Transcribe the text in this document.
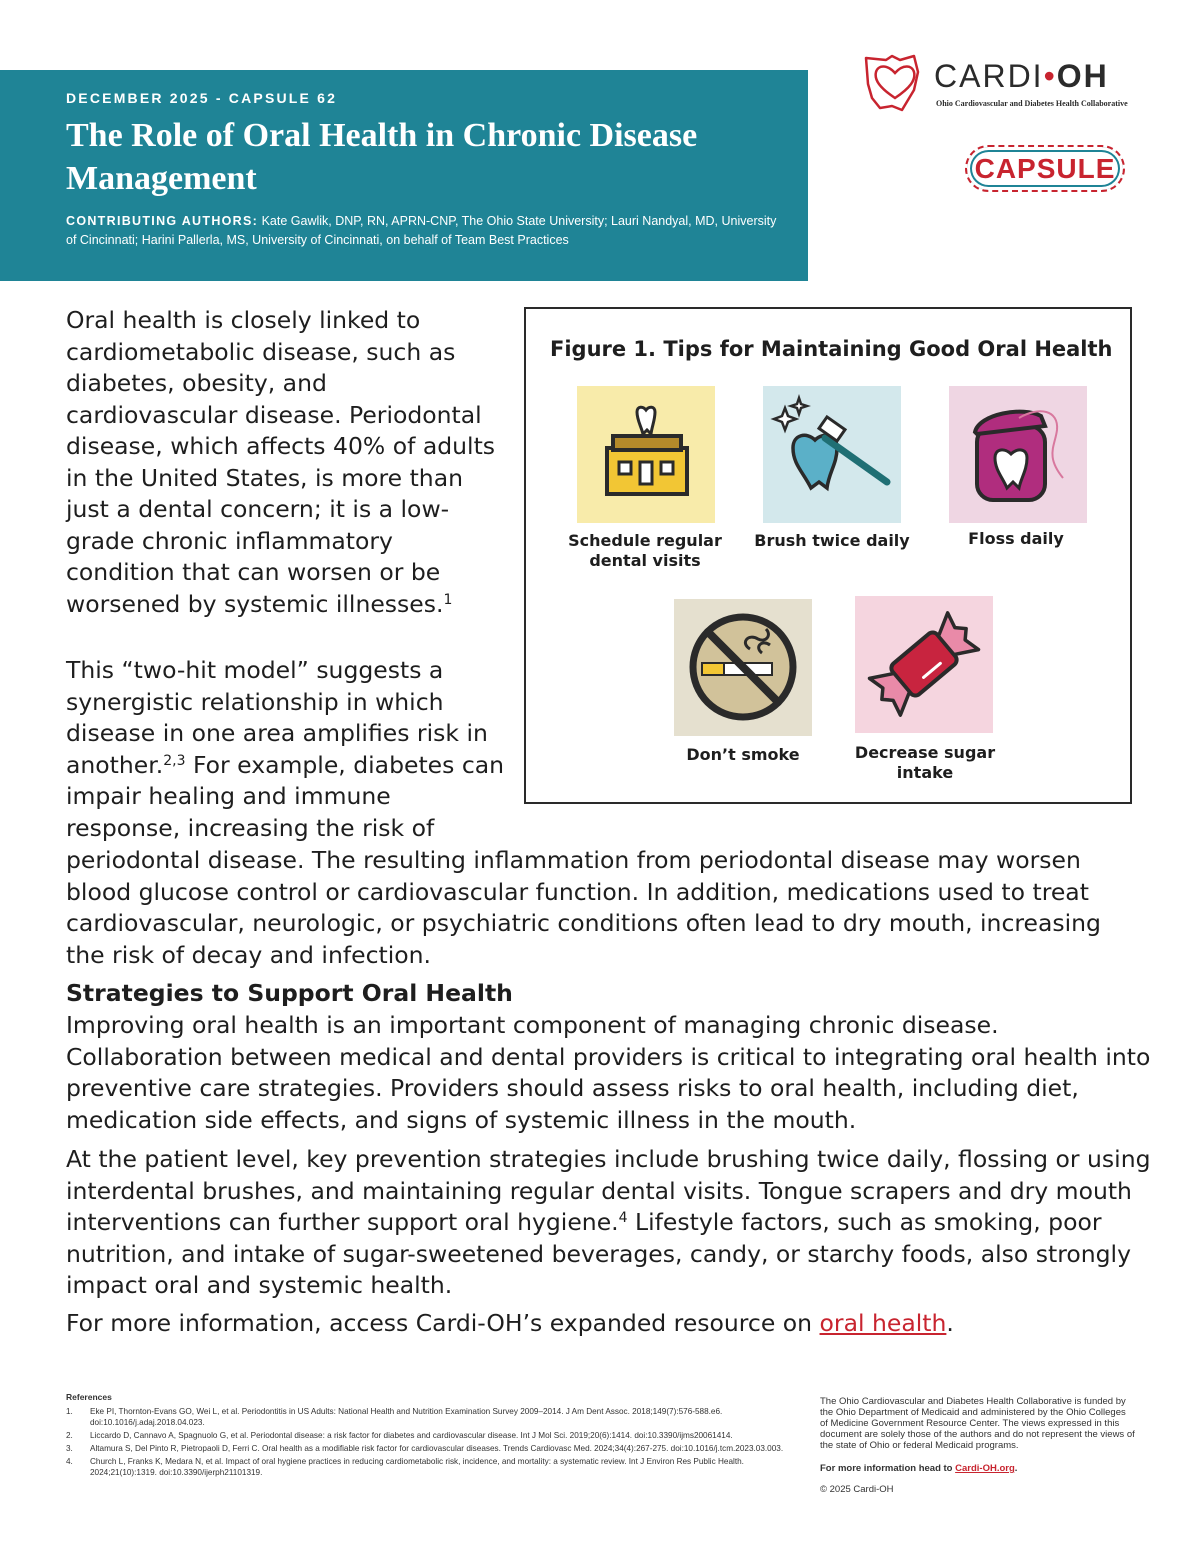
DECEMBER 2025 - CAPSULE 62
The Role of Oral Health in Chronic Disease Management
CONTRIBUTING AUTHORS: Kate Gawlik, DNP, RN, APRN-CNP, The Ohio State University; Lauri Nandyal, MD, University of Cincinnati; Harini Pallerla, MS, University of Cincinnati, on behalf of Team Best Practices
CARDI•OH
Ohio Cardiovascular and Diabetes Health Collaborative
CAPSULE

Oral health is closely linked to cardiometabolic disease, such as diabetes, obesity, and cardiovascular disease. Periodontal disease, which affects 40% of adults in the United States, is more than just a dental concern; it is a low-grade chronic inflammatory condition that can worsen or be worsened by systemic illnesses.$^1$

This “two-hit model” suggests a synergistic relationship in which disease in one area amplifies risk in another.$^{2,3}$ For example, diabetes can impair healing and immune response, increasing the risk of

periodontal disease. The resulting inflammation from periodontal disease may worsen blood glucose control or cardiovascular function. In addition, medications used to treat cardiovascular, neurologic, or psychiatric conditions often lead to dry mouth, increasing the risk of decay and infection.

Strategies to Support Oral Health

Improving oral health is an important component of managing chronic disease. Collaboration between medical and dental providers is critical to integrating oral health into preventive care strategies. Providers should assess risks to oral health, including diet, medication side effects, and signs of systemic illness in the mouth.

At the patient level, key prevention strategies include brushing twice daily, flossing or using interdental brushes, and maintaining regular dental visits. Tongue scrapers and dry mouth interventions can further support oral hygiene.$^4$ Lifestyle factors, such as smoking, poor nutrition, and intake of sugar-sweetened beverages, candy, or starchy foods, also strongly impact oral and systemic health.

For more information, access Cardi-OH’s expanded resource on oral health.

Figure 1. Tips for Maintaining Good Oral Health
Schedule regular dental visits
Brush twice daily	Floss daily
Don’t smoke	Decrease sugar intake
References
1. Eke PI, Thornton-Evans GO, Wei L, et al. Periodontitis in US Adults: National Health and Nutrition Examination Survey 2009–2014. J Am Dent Assoc. 2018;149(7):576-588.e6. doi:10.1016/j.adaj.2018.04.023.
2. Liccardo D, Cannavo A, Spagnuolo G, et al. Periodontal disease: a risk factor for diabetes and cardiovascular disease. Int J Mol Sci. 2019;20(6):1414. doi:10.3390/ijms20061414.
3. Altamura S, Del Pinto R, Pietropaoli D, Ferri C. Oral health as a modifiable risk factor for cardiovascular diseases. Trends Cardiovasc Med. 2024;34(4):267-275. doi:10.1016/j.tcm.2023.03.003.
4. Church L, Franks K, Medara N, et al. Impact of oral hygiene practices in reducing cardiometabolic risk, incidence, and mortality: a systematic review. Int J Environ Res Public Health. 2024;21(10):1319. doi:10.3390/ijerph21101319.
The Ohio Cardiovascular and Diabetes Health Collaborative is funded by the Ohio Department of Medicaid and administered by the Ohio Colleges of Medicine Government Resource Center. The views expressed in this document are solely those of the authors and do not represent the views of the state of Ohio or federal Medicaid programs.
For more information head to Cardi-OH.org.
© 2025 Cardi-OH
